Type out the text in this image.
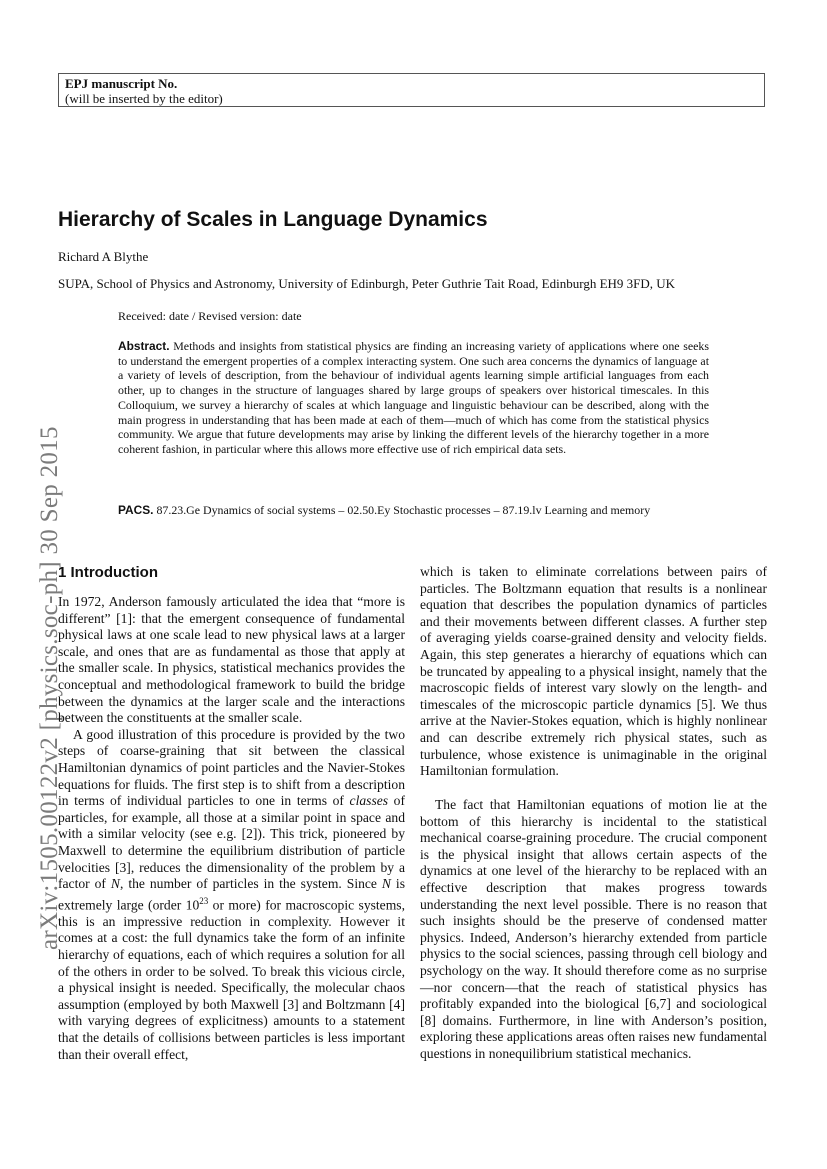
EPJ manuscript No.
(will be inserted by the editor)
arXiv:1505.00122v2 [physics.soc-ph] 30 Sep 2015
Hierarchy of Scales in Language Dynamics
Richard A Blythe
SUPA, School of Physics and Astronomy, University of Edinburgh, Peter Guthrie Tait Road, Edinburgh EH9 3FD, UK
Received: date / Revised version: date

Abstract. Methods and insights from statistical physics are finding an increasing variety of applications where one seeks to understand the emergent properties of a complex interacting system. One such area concerns the dynamics of language at a variety of levels of description, from the behaviour of individual agents learning simple artificial languages from each other, up to changes in the structure of languages shared by large groups of speakers over historical timescales. In this Colloquium, we survey a hierarchy of scales at which language and linguistic behaviour can be described, along with the main progress in understanding that has been made at each of them—much of which has come from the statistical physics community. We argue that future developments may arise by linking the different levels of the hierarchy together in a more coherent fashion, in particular where this allows more effective use of rich empirical data sets.

PACS. 87.23.Ge Dynamics of social systems – 02.50.Ey Stochastic processes – 87.19.lv Learning and memory

1 Introduction

In 1972, Anderson famously articulated the idea that “more is different” [1]: that the emergent consequence of fundamental physical laws at one scale lead to new physical laws at a larger scale, and ones that are as fundamental as those that apply at the smaller scale. In physics, statistical mechanics provides the conceptual and methodological framework to build the bridge between the dynamics at the larger scale and the interactions between the constituents at the smaller scale.

A good illustration of this procedure is provided by the two steps of coarse-graining that sit between the classical Hamiltonian dynamics of point particles and the Navier-Stokes equations for fluids. The first step is to shift from a description in terms of individual particles to one in terms of classes of particles, for example, all those at a similar point in space and with a similar velocity (see e.g. [2]). This trick, pioneered by Maxwell to determine the equilibrium distribution of particle velocities [3], reduces the dimensionality of the problem by a factor of N, the number of particles in the system. Since N is extremely large (order $10^{23}$ or more) for macroscopic systems, this is an impressive reduction in complexity. However it comes at a cost: the full dynamics take the form of an infinite hierarchy of equations, each of which requires a solution for all of the others in order to be solved. To break this vicious circle, a physical insight is needed. Specifically, the molecular chaos assumption (employed by both Maxwell [3] and Boltzmann [4] with varying degrees of explicitness) amounts to a statement that the details of collisions between particles is less important than their overall effect,

which is taken to eliminate correlations between pairs of particles. The Boltzmann equation that results is a nonlinear equation that describes the population dynamics of particles and their movements between different classes. A further step of averaging yields coarse-grained density and velocity fields. Again, this step generates a hierarchy of equations which can be truncated by appealing to a physical insight, namely that the macroscopic fields of interest vary slowly on the length- and timescales of the microscopic particle dynamics [5]. We thus arrive at the Navier-Stokes equation, which is highly nonlinear and can describe extremely rich physical states, such as turbulence, whose existence is unimaginable in the original Hamiltonian formulation.

The fact that Hamiltonian equations of motion lie at the bottom of this hierarchy is incidental to the statistical mechanical coarse-graining procedure. The crucial component is the physical insight that allows certain aspects of the dynamics at one level of the hierarchy to be replaced with an effective description that makes progress towards understanding the next level possible. There is no reason that such insights should be the preserve of condensed matter physics. Indeed, Anderson’s hierarchy extended from particle physics to the social sciences, passing through cell biology and psychology on the way. It should therefore come as no surprise—nor concern—that the reach of statistical physics has profitably expanded into the biological [6,7] and sociological [8] domains. Furthermore, in line with Anderson’s position, exploring these applications areas often raises new fundamental questions in nonequilibrium statistical mechanics.
